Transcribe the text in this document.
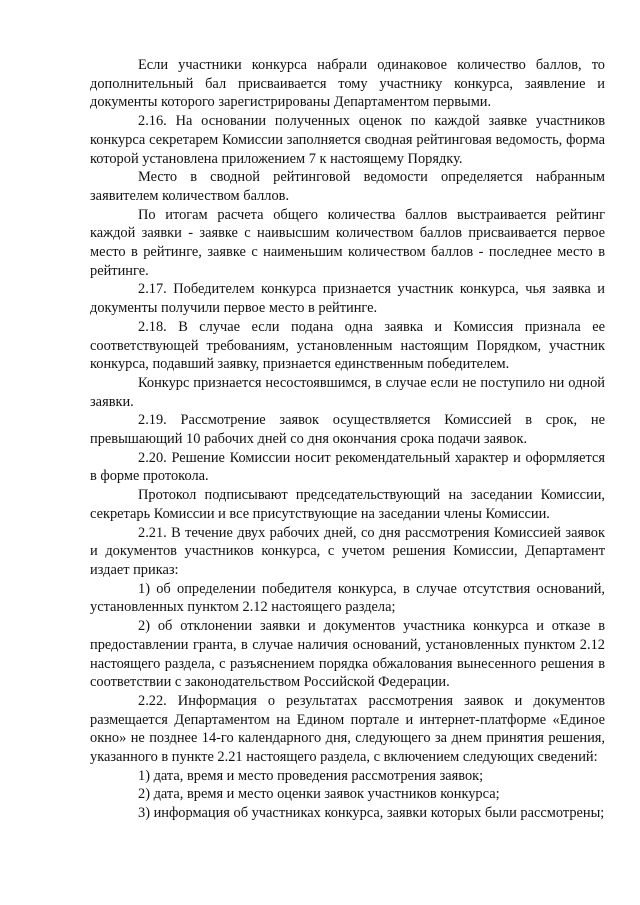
Если участники конкурса набрали одинаковое количество баллов, то дополнительный бал присваивается тому участнику конкурса, заявление и документы которого зарегистрированы Департаментом первыми.

2.16. На основании полученных оценок по каждой заявке участников конкурса секретарем Комиссии заполняется сводная рейтинговая ведомость, форма которой установлена приложением 7 к настоящему Порядку.

Место в сводной рейтинговой ведомости определяется набранным заявителем количеством баллов.

По итогам расчета общего количества баллов выстраивается рейтинг каждой заявки - заявке с наивысшим количеством баллов присваивается первое место в рейтинге, заявке с наименьшим количеством баллов - последнее место в рейтинге.

2.17. Победителем конкурса признается участник конкурса, чья заявка и документы получили первое место в рейтинге.

2.18. В случае если подана одна заявка и Комиссия признала ее соответствующей требованиям, установленным настоящим Порядком, участник конкурса, подавший заявку, признается единственным победителем.

Конкурс признается несостоявшимся, в случае если не поступило ни одной заявки.

2.19. Рассмотрение заявок осуществляется Комиссией в срок, не превышающий 10 рабочих дней со дня окончания срока подачи заявок.

2.20. Решение Комиссии носит рекомендательный характер и оформляется в форме протокола.

Протокол подписывают председательствующий на заседании Комиссии, секретарь Комиссии и все присутствующие на заседании члены Комиссии.

2.21. В течение двух рабочих дней, со дня рассмотрения Комиссией заявок и документов участников конкурса, с учетом решения Комиссии, Департамент издает приказ:

1) об определении победителя конкурса, в случае отсутствия оснований, установленных пунктом 2.12 настоящего раздела;

2) об отклонении заявки и документов участника конкурса и отказе в предоставлении гранта, в случае наличия оснований, установленных пунктом 2.12 настоящего раздела, с разъяснением порядка обжалования вынесенного решения в соответствии с законодательством Российской Федерации.

2.22. Информация о результатах рассмотрения заявок и документов размещается Департаментом на Едином портале и интернет-платформе «Единое окно» не позднее 14-го календарного дня, следующего за днем принятия решения, указанного в пункте 2.21 настоящего раздела, с включением следующих сведений:

1) дата, время и место проведения рассмотрения заявок;

2) дата, время и место оценки заявок участников конкурса;

3) информация об участниках конкурса, заявки которых были рассмотрены;
